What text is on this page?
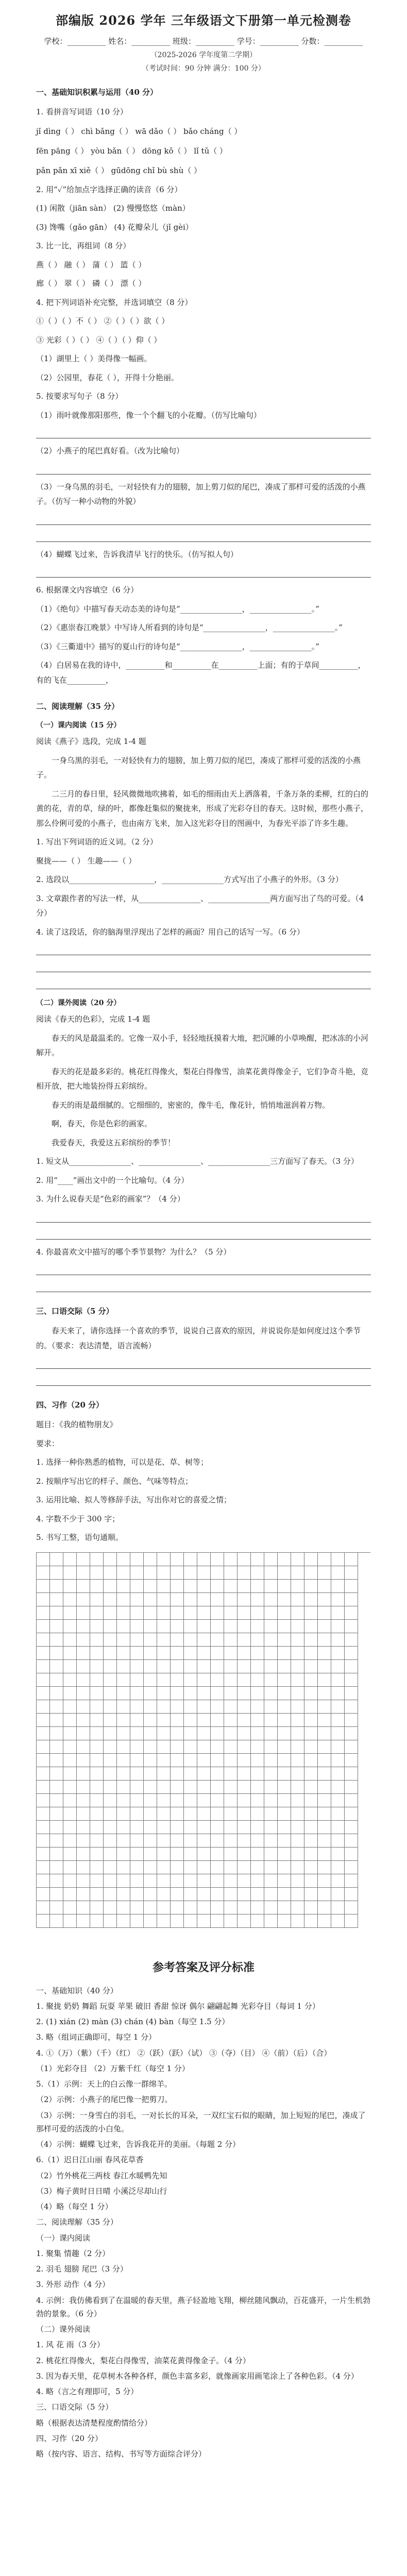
部编版 2026 学年 三年级语文下册第一单元检测卷
学校：__________ 姓名：__________ 班级：__________ 学号：__________ 分数：__________
（2025-2026 学年度第二学期）
（考试时间：90 分钟 满分：100 分）
一、基础知识积累与运用（40 分）
1. 看拼音写词语（10 分）
jǐ dìng（ ） chì bǎng（ ） wā dǎo（ ） bǎo cháng（ ）
fēn pāng（ ） yòu bǎn（ ） dōng kǒ（ ） lǐ tǔ（ ）
pǎn pǎn xī xiě（ ） gūdōng chǐ bù shù（ ）
2. 用“✓”给加点字选择正确的读音（6 分）
(1) 闲散（jiān sàn） (2) 慢慢悠悠（màn）
(3) 馋嘴（gǎo gān） (4) 花瓣朵儿（jǐ gèi）
3. 比一比，再组词（8 分）
燕（ ） 融（ ） 蒲（ ） 篮（ ）
廊（ ） 翠（ ） 磷（ ） 漂（ ）
4. 把下列词语补充完整，并选词填空（8 分）
①（ ）（ ）不（ ） ②（ ）（ ）欲（ ）
③ 光彩（ ）（ ） ④（ ）（ ）仰（ ）
（1）湖里上（ ）美得像一幅画。
（2）公园里，春花（ ），开得十分艳丽。
5. 按要求写句子（8 分）
（1）雨叶就像那阳那些，像一个个翻飞的小花瓣。（仿写比喻句）
（2）小燕子的尾巴真好看。（改为比喻句）
（3）一身乌黑的羽毛，一对轻快有力的翅膀，加上剪刀似的尾巴，凑成了那样可爱的活泼的小燕子。（仿写一种小动物的外貌）
（4）蝴蝶飞过来，告诉我清早飞行的快乐。（仿写拟人句）
6. 根据课文内容填空（6 分）
（1）《绝句》中描写春天动态美的诗句是“________________，________________。”
（2）《惠崇春江晚景》中写诗人所看到的诗句是“________________，________________。”
（3）《三衢道中》描写的夏山行的诗句是“________________，________________。”
（4）白居易在我的诗中，__________和__________在__________上面；有的于草间__________，有的飞在__________，
二、阅读理解（35 分）
（一）课内阅读（15 分）
阅读《燕子》选段，完成 1-4 题
一身乌黑的羽毛，一对轻快有力的翅膀，加上剪刀似的尾巴，凑成了那样可爱的活泼的小燕子。
二三月的春日里，轻风微微地吹拂着，如毛的细雨由天上洒落着，千条万条的柔柳，红的白的黄的花，青的草，绿的叶，都像赶集似的聚拢来，形成了光彩夺目的春天。这时候，那些小燕子，那么伶俐可爱的小燕子，也由南方飞来，加入这光彩夺目的图画中，为春光平添了许多生趣。
1. 写出下列词语的近义词。（2 分）
聚拢——（ ） 生趣——（ ）
2. 选段以______________________，________________方式写出了小燕子的外形。（3 分）
3. 文章跟作者的写法一样，从________________、________________两方面写出了鸟的可爱。（4 分）
4. 读了这段话，你的脑海里浮现出了怎样的画面？用自己的话写一写。（6 分）
（二）课外阅读（20 分）
阅读《春天的色彩》，完成 1-4 题
春天的风是最温柔的。它像一双小手，轻轻地抚摸着大地，把沉睡的小草唤醒，把冰冻的小河解开。
春天的花是最多彩的。桃花红得像火，梨花白得像雪，油菜花黄得像金子，它们争奇斗艳，竞相开放，把大地装扮得五彩缤纷。
春天的雨是最细腻的。它细细的，密密的，像牛毛，像花针，悄悄地滋润着万物。
啊，春天，你是色彩的画家。
我爱春天，我爱这五彩缤纷的季节！
1. 短文从________________、________________、________________三方面写了春天。（3 分）
2. 用“____”画出文中的一个比喻句。（4 分）
3. 为什么说春天是“色彩的画家”？（4 分）
4. 你最喜欢文中描写的哪个季节景物？为什么？（5 分）
三、口语交际（5 分）
春天来了，请你选择一个喜欢的季节，说说自己喜欢的原因，并说说你是如何度过这个季节的。（要求：表达清楚，语言流畅）
四、习作（20 分）
题目：《我的植物朋友》
要求：
1. 选择一种你熟悉的植物，可以是花、草、树等；
2. 按顺序写出它的样子、颜色、气味等特点；
3. 运用比喻、拟人等修辞手法，写出你对它的喜爱之情；
4. 字数不少于 300 字；
5. 书写工整，语句通顺。
参考答案及评分标准
一、基础知识（40 分）
1. 聚拢 奶奶 舞蹈 玩耍 苹果 破旧 香甜 惊讶 偶尔 翩翩起舞 光彩夺目（每词 1 分）
2. (1) xián (2) màn (3) chán (4) bàn（每空 1.5 分）
3. 略（组词正确即可，每空 1 分）
4. ①（万）（紫）（千）（红） ②（跃）（跃）（试） ③（夺）（目） ④（前）（后）（合）
（1）光彩夺目 （2）万紫千红（每空 1 分）
5.（1）示例：天上的白云像一群绵羊。
（2）示例：小燕子的尾巴像一把剪刀。
（3）示例：一身雪白的羽毛，一对长长的耳朵，一双红宝石似的眼睛，加上短短的尾巴，凑成了那样可爱的活泼的小白兔。
（4）示例：蝴蝶飞过来，告诉我花开的美丽。（每题 2 分）
6.（1）迟日江山丽 春风花草香
（2）竹外桃花三两枝 春江水暖鸭先知
（3）梅子黄时日日晴 小溪泛尽却山行
（4）略（每空 1 分）
二、阅读理解（35 分）
（一）课内阅读
1. 聚集 情趣（2 分）
2. 羽毛 翅膀 尾巴（3 分）
3. 外形 动作（4 分）
4. 示例：我仿佛看到了在温暖的春天里，燕子轻盈地飞翔，柳丝随风飘动，百花盛开，一片生机勃勃的景象。（6 分）
（二）课外阅读
1. 风 花 雨（3 分）
2. 桃花红得像火，梨花白得像雪，油菜花黄得像金子。（4 分）
3. 因为春天里，花草树木各种各样，颜色丰富多彩，就像画家用画笔涂上了各种色彩。（4 分）
4. 略（言之有理即可，5 分）
三、口语交际（5 分）
略（根据表达清楚程度酌情给分）
四、习作（20 分）
略（按内容、语言、结构、书写等方面综合评分）
